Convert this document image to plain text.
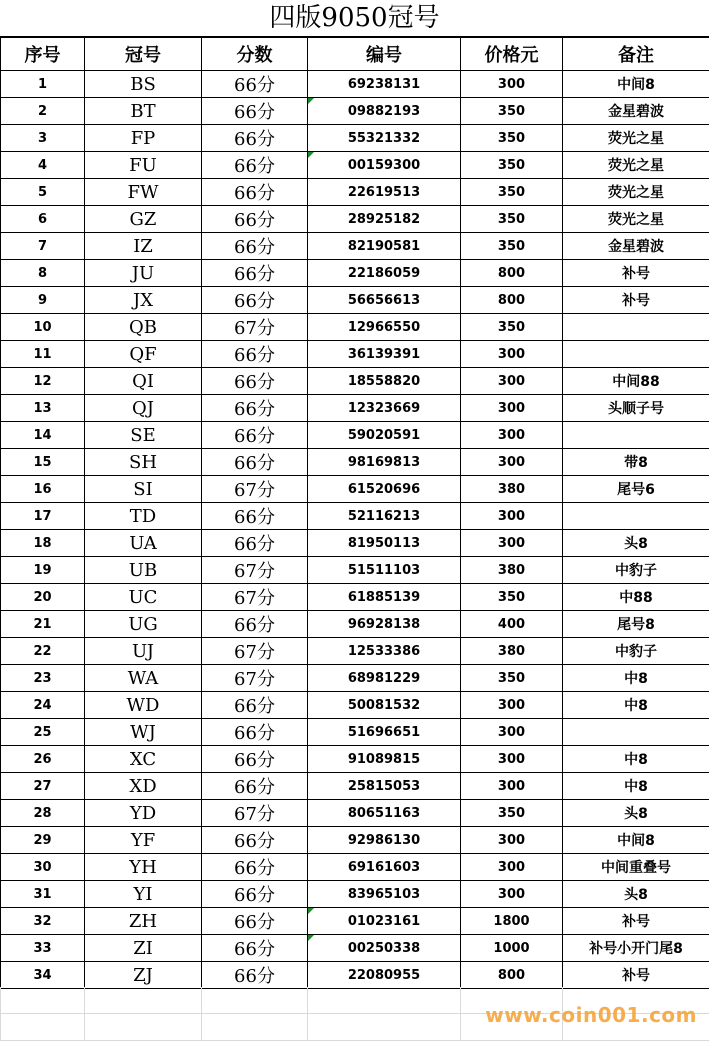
四版9050冠号
序号	冠号	分数	编号	价格元	备注
1	BS	66分	69238131	300	中间8
2	BT	66分	09882193	350	金星碧波
3	FP	66分	55321332	350	荧光之星
4	FU	66分	00159300	350	荧光之星
5	FW	66分	22619513	350	荧光之星
6	GZ	66分	28925182	350	荧光之星
7	IZ	66分	82190581	350	金星碧波
8	JU	66分	22186059	800	补号
9	JX	66分	56656613	800	补号
10	QB	67分	12966550	350	
11	QF	66分	36139391	300	
12	QI	66分	18558820	300	中间88
13	QJ	66分	12323669	300	头顺子号
14	SE	66分	59020591	300	
15	SH	66分	98169813	300	带8
16	SI	67分	61520696	380	尾号6
17	TD	66分	52116213	300	
18	UA	66分	81950113	300	头8
19	UB	67分	51511103	380	中豹子
20	UC	67分	61885139	350	中88
21	UG	66分	96928138	400	尾号8
22	UJ	67分	12533386	380	中豹子
23	WA	67分	68981229	350	中8
24	WD	66分	50081532	300	中8
25	WJ	66分	51696651	300	
26	XC	66分	91089815	300	中8
27	XD	66分	25815053	300	中8
28	YD	67分	80651163	350	头8
29	YF	66分	92986130	300	中间8
30	YH	66分	69161603	300	中间重叠号
31	YI	66分	83965103	300	头8
32	ZH	66分	01023161	1800	补号
33	ZI	66分	00250338	1000	补号小开门尾8
34	ZJ	66分	22080955	800	补号

www.coin001.com
